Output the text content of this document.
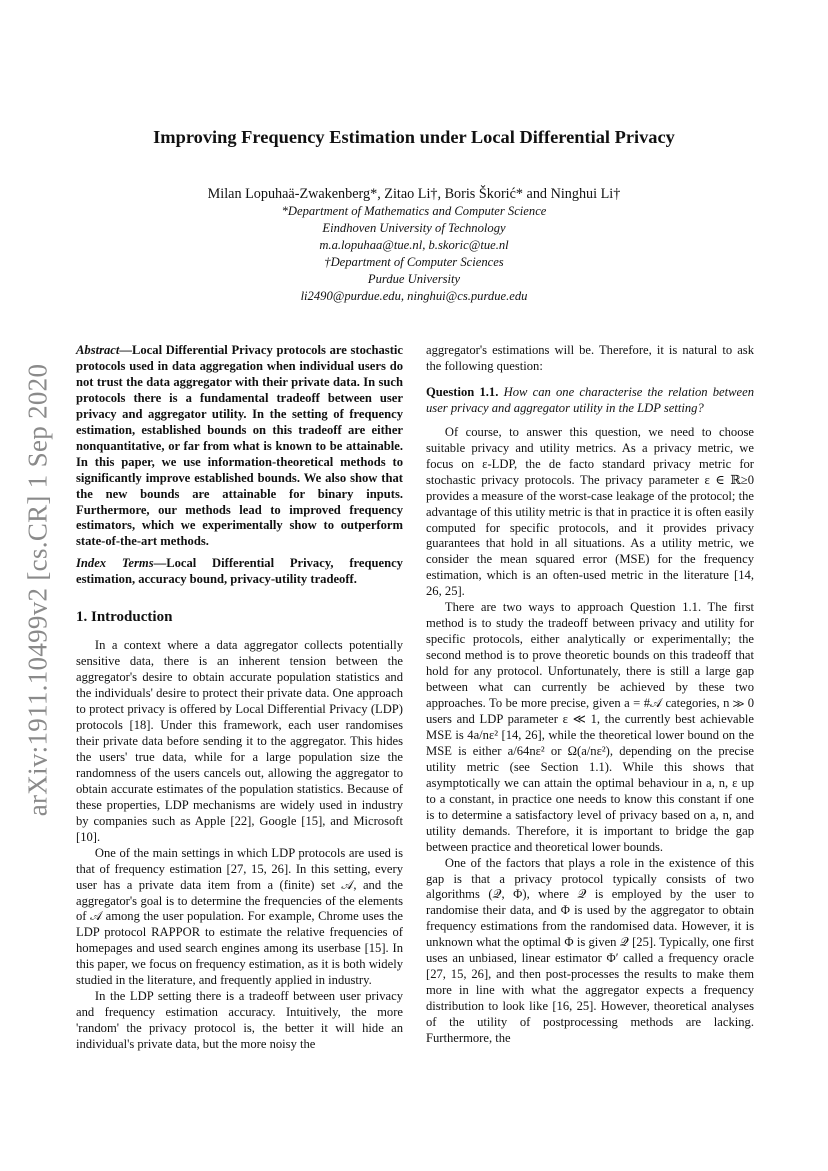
arXiv:1911.10499v2 [cs.CR] 1 Sep 2020
Improving Frequency Estimation under Local Differential Privacy
Milan Lopuhaä-Zwakenberg*, Zitao Li†, Boris Škorić* and Ninghui Li†
*Department of Mathematics and Computer Science
Eindhoven University of Technology
m.a.lopuhaa@tue.nl, b.skoric@tue.nl
†Department of Computer Sciences
Purdue University
li2490@purdue.edu, ninghui@cs.purdue.edu

Abstract—Local Differential Privacy protocols are stochastic protocols used in data aggregation when individual users do not trust the data aggregator with their private data. In such protocols there is a fundamental tradeoff between user privacy and aggregator utility. In the setting of frequency estimation, established bounds on this tradeoff are either nonquantitative, or far from what is known to be attainable. In this paper, we use information-theoretical methods to significantly improve established bounds. We also show that the new bounds are attainable for binary inputs. Furthermore, our methods lead to improved frequency estimators, which we experimentally show to outperform state-of-the-art methods.

Index Terms—Local Differential Privacy, frequency estimation, accuracy bound, privacy-utility tradeoff.

1. Introduction

In a context where a data aggregator collects potentially sensitive data, there is an inherent tension between the aggregator's desire to obtain accurate population statistics and the individuals' desire to protect their private data. One approach to protect privacy is offered by Local Differential Privacy (LDP) protocols [18]. Under this framework, each user randomises their private data before sending it to the aggregator. This hides the users' true data, while for a large population size the randomness of the users cancels out, allowing the aggregator to obtain accurate estimates of the population statistics. Because of these properties, LDP mechanisms are widely used in industry by companies such as Apple [22], Google [15], and Microsoft [10].

One of the main settings in which LDP protocols are used is that of frequency estimation [27, 15, 26]. In this setting, every user has a private data item from a (finite) set 𝒜, and the aggregator's goal is to determine the frequencies of the elements of 𝒜 among the user population. For example, Chrome uses the LDP protocol RAPPOR to estimate the relative frequencies of homepages and used search engines among its userbase [15]. In this paper, we focus on frequency estimation, as it is both widely studied in the literature, and frequently applied in industry.

In the LDP setting there is a tradeoff between user privacy and frequency estimation accuracy. Intuitively, the more 'random' the privacy protocol is, the better it will hide an individual's private data, but the more noisy the

aggregator's estimations will be. Therefore, it is natural to ask the following question:

Question 1.1. How can one characterise the relation between user privacy and aggregator utility in the LDP setting?

Of course, to answer this question, we need to choose suitable privacy and utility metrics. As a privacy metric, we focus on ε-LDP, the de facto standard privacy metric for stochastic privacy protocols. The privacy parameter ε ∈ ℝ≥0 provides a measure of the worst-case leakage of the protocol; the advantage of this utility metric is that in practice it is often easily computed for specific protocols, and it provides privacy guarantees that hold in all situations. As a utility metric, we consider the mean squared error (MSE) for the frequency estimation, which is an often-used metric in the literature [14, 26, 25].

There are two ways to approach Question 1.1. The first method is to study the tradeoff between privacy and utility for specific protocols, either analytically or experimentally; the second method is to prove theoretic bounds on this tradeoff that hold for any protocol. Unfortunately, there is still a large gap between what can currently be achieved by these two approaches. To be more precise, given a = #𝒜 categories, n ≫ 0 users and LDP parameter ε ≪ 1, the currently best achievable MSE is 4a/nε² [14, 26], while the theoretical lower bound on the MSE is either a/64nε² or Ω(a/nε²), depending on the precise utility metric (see Section 1.1). While this shows that asymptotically we can attain the optimal behaviour in a, n, ε up to a constant, in practice one needs to know this constant if one is to determine a satisfactory level of privacy based on a, n, and utility demands. Therefore, it is important to bridge the gap between practice and theoretical lower bounds.

One of the factors that plays a role in the existence of this gap is that a privacy protocol typically consists of two algorithms (𝒬, Φ), where 𝒬 is employed by the user to randomise their data, and Φ is used by the aggregator to obtain frequency estimations from the randomised data. However, it is unknown what the optimal Φ is given 𝒬 [25]. Typically, one first uses an unbiased, linear estimator Φ′ called a frequency oracle [27, 15, 26], and then post-processes the results to make them more in line with what the aggregator expects a frequency distribution to look like [16, 25]. However, theoretical analyses of the utility of postprocessing methods are lacking. Furthermore, the
